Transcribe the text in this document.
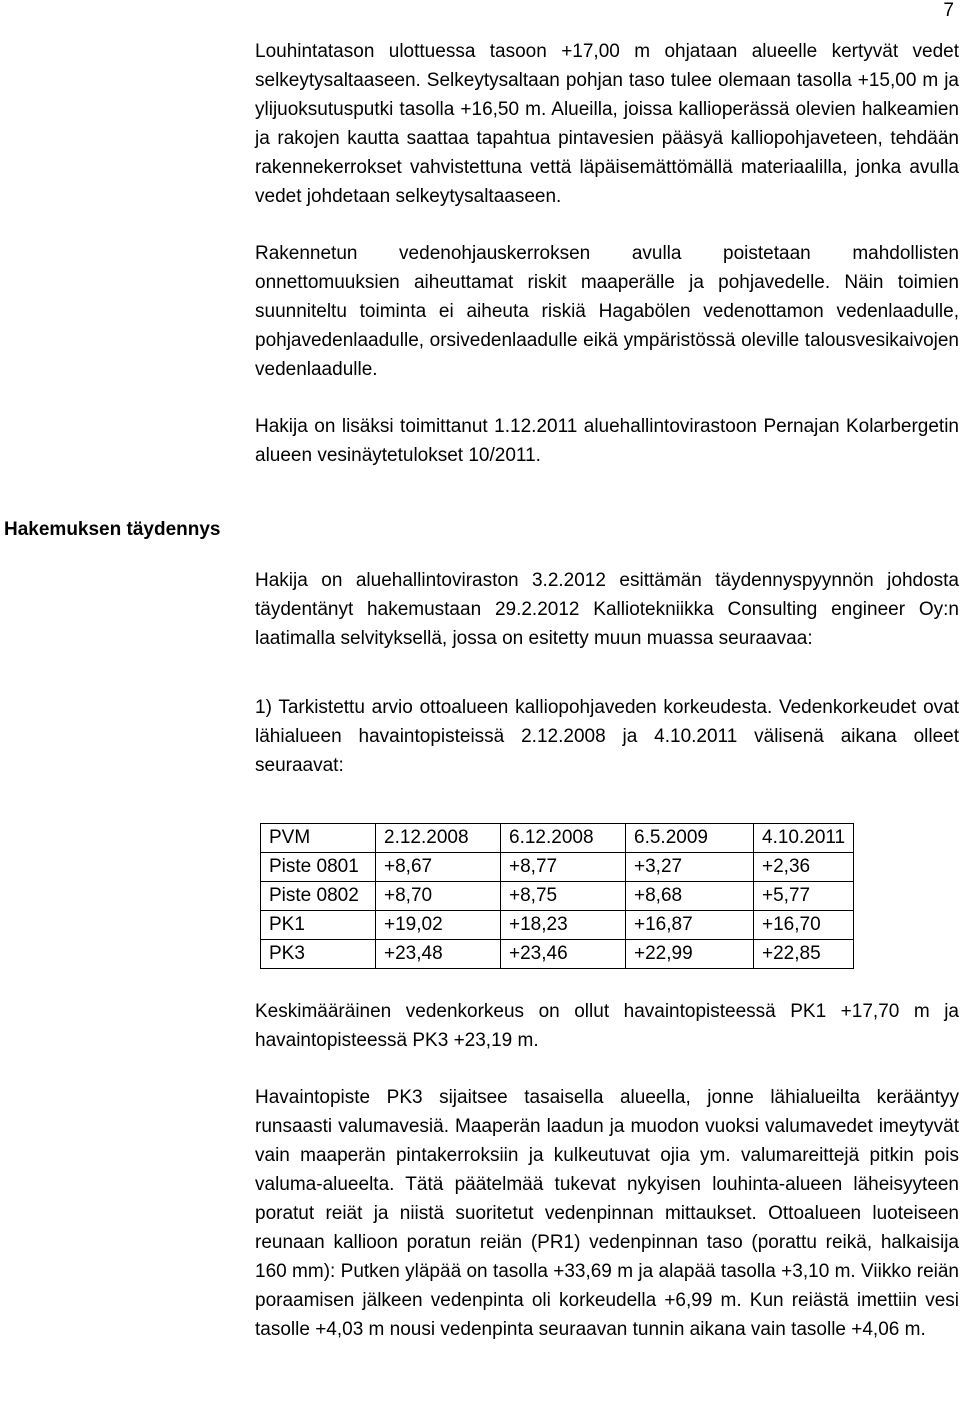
7
Hakemuksen täydennys

Louhintatason ulottuessa tasoon +17,00 m ohjataan alueelle kertyvät vedet selkeytysaltaaseen. Selkeytysaltaan pohjan taso tulee olemaan tasolla +15,00 m ja ylijuoksutusputki tasolla +16,50 m. Alueilla, joissa kallioperässä olevien halkeamien ja rakojen kautta saattaa tapahtua pintavesien pääsyä kalliopohjaveteen, tehdään rakennekerrokset vahvistettuna vettä läpäisemättömällä materiaalilla, jonka avulla vedet johdetaan selkeytysaltaaseen.

Rakennetun vedenohjauskerroksen avulla poistetaan mahdollisten onnettomuuksien aiheuttamat riskit maaperälle ja pohjavedelle. Näin toimien suunniteltu toiminta ei aiheuta riskiä Hagabölen vedenottamon vedenlaadulle, pohjavedenlaadulle, orsivedenlaadulle eikä ympäristössä oleville talousvesikaivojen vedenlaadulle.

Hakija on lisäksi toimittanut 1.12.2011 aluehallintovirastoon Pernajan Kolarbergetin alueen vesinäytetulokset 10/2011.

Hakija on aluehallintoviraston 3.2.2012 esittämän täydennyspyynnön johdosta täydentänyt hakemustaan 29.2.2012 Kalliotekniikka Consulting engineer Oy:n laatimalla selvityksellä, jossa on esitetty muun muassa seuraavaa:

1) Tarkistettu arvio ottoalueen kalliopohjaveden korkeudesta. Vedenkorkeudet ovat lähialueen havaintopisteissä 2.12.2008 ja 4.10.2011 välisenä aikana olleet seuraavat:

PVM	2.12.2008	6.12.2008	6.5.2009	4.10.2011
Piste 0801	+8,67	+8,77	+3,27	+2,36
Piste 0802	+8,70	+8,75	+8,68	+5,77
PK1	+19,02	+18,23	+16,87	+16,70
PK3	+23,48	+23,46	+22,99	+22,85

Keskimääräinen vedenkorkeus on ollut havaintopisteessä PK1 +17,70 m ja havaintopisteessä PK3 +23,19 m.

Havaintopiste PK3 sijaitsee tasaisella alueella, jonne lähialueilta kerääntyy runsaasti valumavesiä. Maaperän laadun ja muodon vuoksi valumavedet imeytyvät vain maaperän pintakerroksiin ja kulkeutuvat ojia ym. valumareittejä pitkin pois valuma-alueelta. Tätä päätelmää tukevat nykyisen louhinta-alueen läheisyyteen poratut reiät ja niistä suoritetut vedenpinnan mittaukset. Ottoalueen luoteiseen reunaan kallioon poratun reiän (PR1) vedenpinnan taso (porattu reikä, halkaisija 160 mm): Putken yläpää on tasolla +33,69 m ja alapää tasolla +3,10 m. Viikko reiän poraamisen jälkeen vedenpinta oli korkeudella +6,99 m. Kun reiästä imettiin vesi tasolle +4,03 m nousi vedenpinta seuraavan tunnin aikana vain tasolle +4,06 m.
